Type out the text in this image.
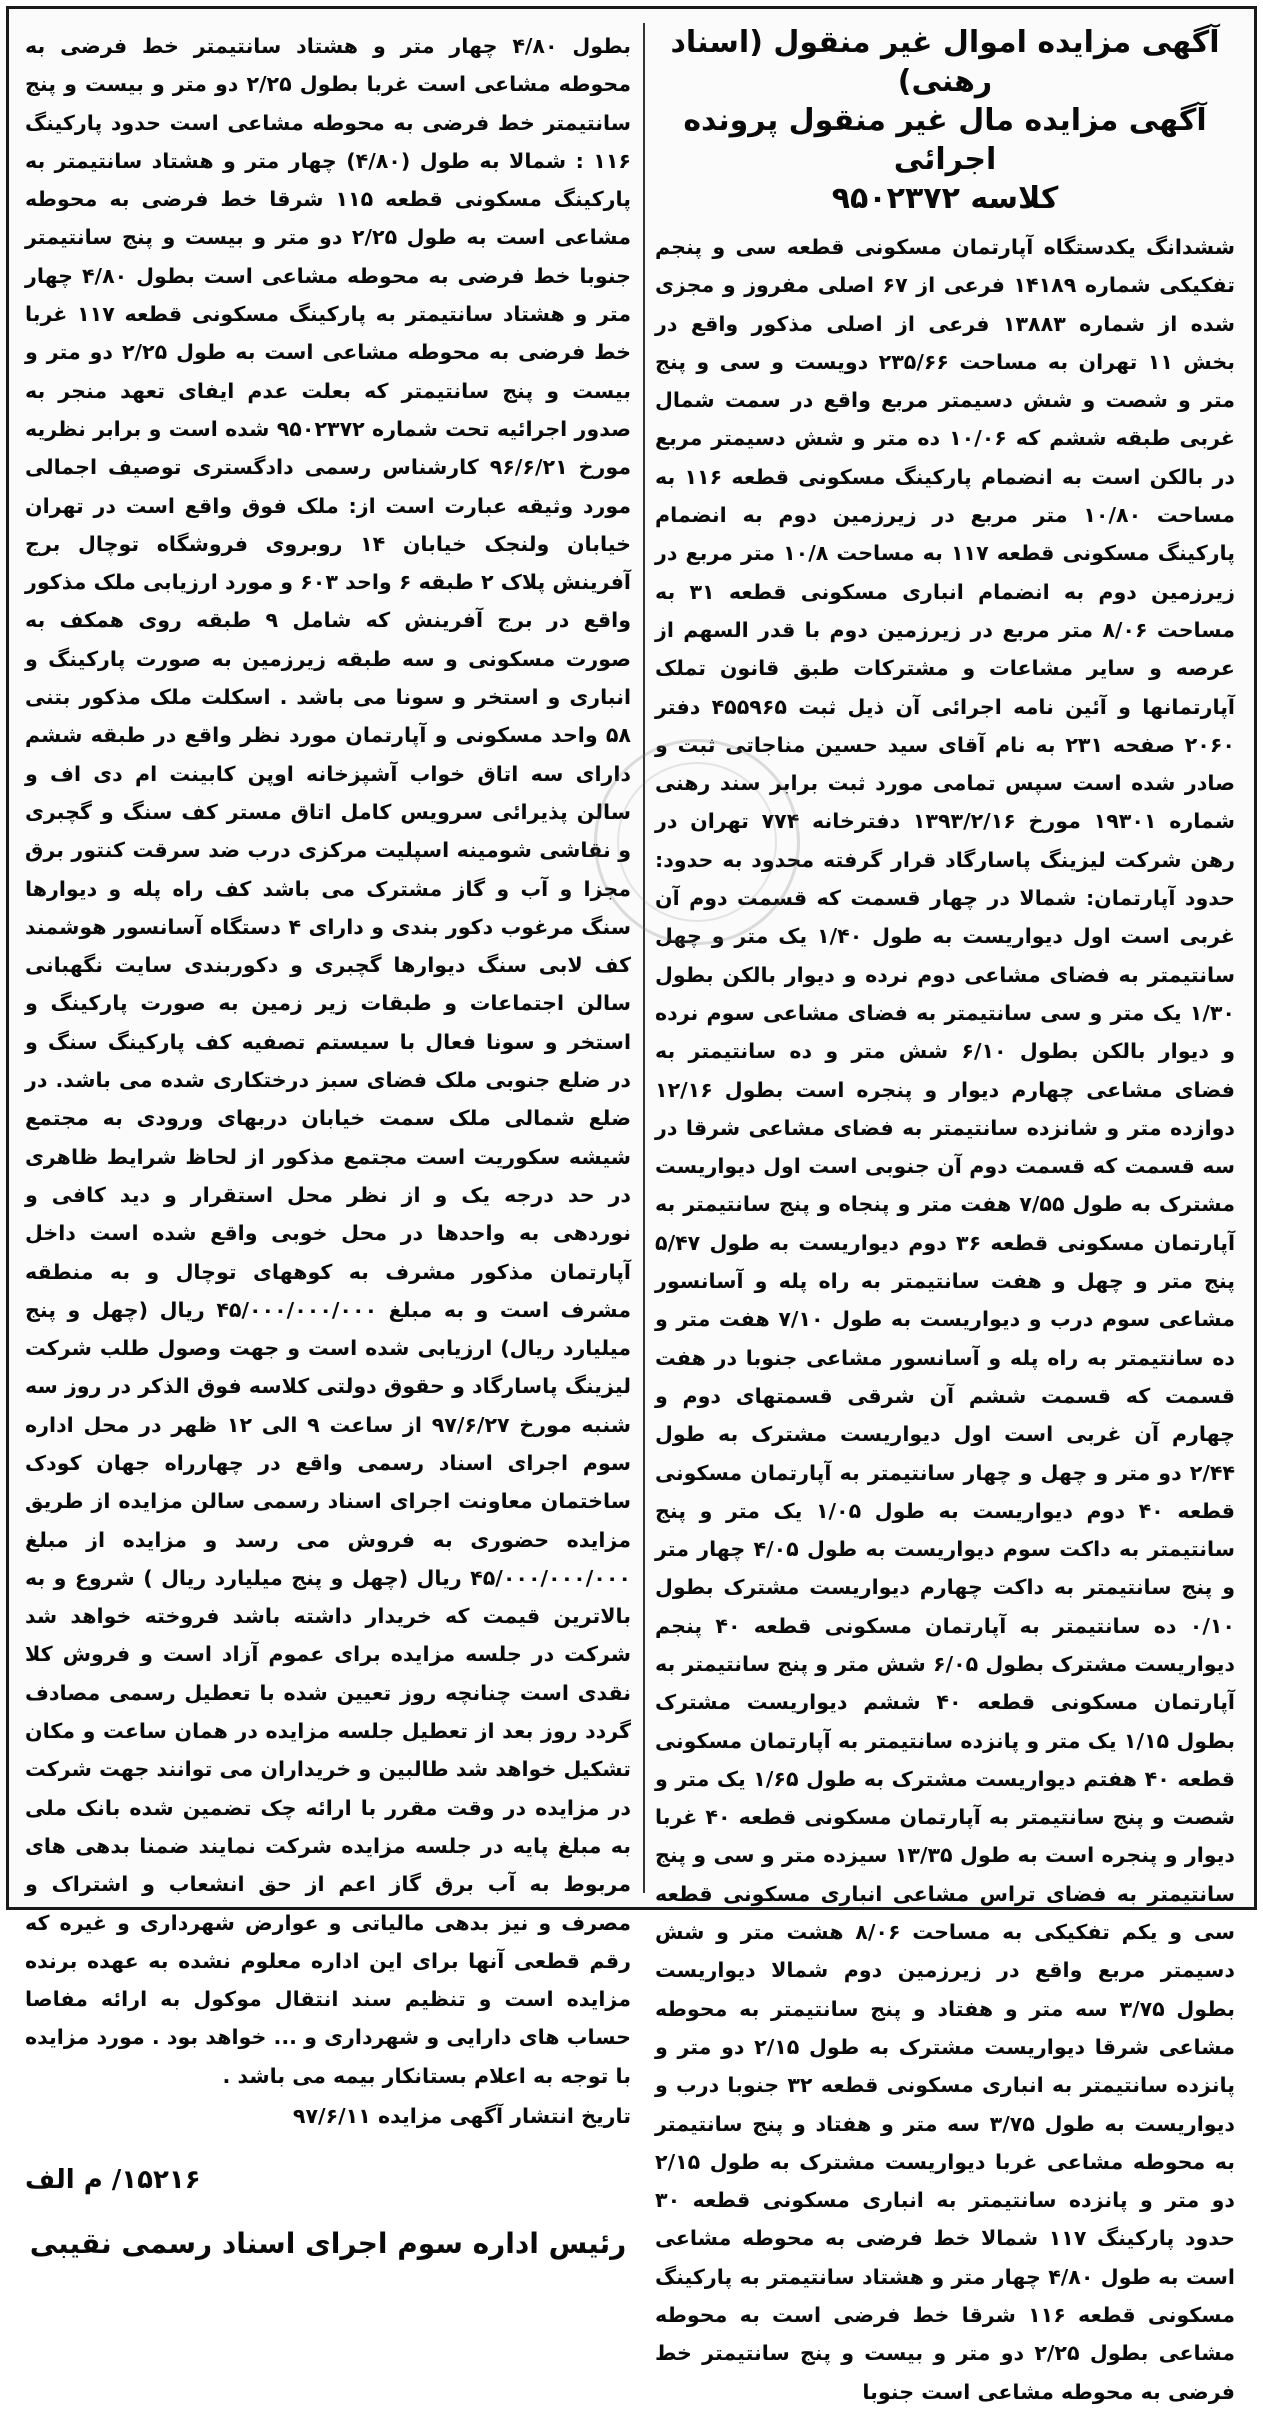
بطول ۴/۸۰ چهار متر و هشتاد سانتیمتر خط فرضی به محوطه مشاعی است غربا بطول ۲/۲۵ دو متر و بیست و پنج سانتیمتر خط فرضی به محوطه مشاعی است حدود پارکینگ ۱۱۶ : شمالا به طول (۴/۸۰) چهار متر و هشتاد سانتیمتر به پارکینگ مسکونی قطعه ۱۱۵ شرقا خط فرضی به محوطه مشاعی است به طول ۲/۲۵ دو متر و بیست و پنج سانتیمتر جنوبا خط فرضی به محوطه مشاعی است بطول ۴/۸۰ چهار متر و هشتاد سانتیمتر به پارکینگ مسکونی قطعه ۱۱۷ غربا خط فرضی به محوطه مشاعی است به طول ۲/۲۵ دو متر و بیست و پنج سانتیمتر که بعلت عدم ایفای تعهد منجر به صدور اجرائیه تحت شماره ۹۵۰۲۳۷۲ شده است و برابر نظریه مورخ ۹۶/۶/۲۱ کارشناس رسمی دادگستری توصیف اجمالی مورد وثیقه عبارت است از: ملک فوق واقع است در تهران خیابان ولنجک خیابان ۱۴ روبروی فروشگاه توچال برج آفرینش پلاک ۲ طبقه ۶ واحد ۶۰۳ و مورد ارزیابی ملک مذکور واقع در برج آفرینش که شامل ۹ طبقه روی همکف به صورت مسکونی و سه طبقه زیرزمین به صورت پارکینگ و انباری و استخر و سونا می باشد . اسکلت ملک مذکور بتنی ۵۸ واحد مسکونی و آپارتمان مورد نظر واقع در طبقه ششم دارای سه اتاق خواب آشپزخانه اوپن کابینت ام دی اف و سالن پذیرائی سرویس کامل اتاق مستر کف سنگ و گچبری و نقاشی شومینه اسپلیت مرکزی درب ضد سرقت کنتور برق مجزا و آب و گاز مشترک می باشد کف راه پله و دیوارها سنگ مرغوب دکور بندی و دارای ۴ دستگاه آسانسور هوشمند کف لابی سنگ دیوارها گچبری و دکوربندی سایت نگهبانی سالن اجتماعات و طبقات زیر زمین به صورت پارکینگ و استخر و سونا فعال با سیستم تصفیه کف پارکینگ سنگ و در ضلع جنوبی ملک فضای سبز درختکاری شده می باشد. در ضلع شمالی ملک سمت خیابان دربهای ورودی به مجتمع شیشه سکوریت است مجتمع مذکور از لحاظ شرایط ظاهری در حد درجه یک و از نظر محل استقرار و دید کافی و نوردهی به واحدها در محل خوبی واقع شده است داخل آپارتمان مذکور مشرف به کوههای توچال و به منطقه مشرف است و به مبلغ ۴۵/۰۰۰/۰۰۰/۰۰۰ ریال (چهل و پنج میلیارد ریال) ارزیابی شده است و جهت وصول طلب شرکت لیزینگ پاسارگاد و حقوق دولتی کلاسه فوق الذکر در روز سه شنبه مورخ ۹۷/۶/۲۷ از ساعت ۹ الی ۱۲ ظهر در محل اداره سوم اجرای اسناد رسمی واقع در چهارراه جهان کودک ساختمان معاونت اجرای اسناد رسمی سالن مزایده از طریق مزایده حضوری به فروش می رسد و مزایده از مبلغ ۴۵/۰۰۰/۰۰۰/۰۰۰ ریال (چهل و پنج میلیارد ریال ) شروع و به بالاترین قیمت که خریدار داشته باشد فروخته خواهد شد شرکت در جلسه مزایده برای عموم آزاد است و فروش کلا نقدی است چنانچه روز تعیین شده با تعطیل رسمی مصادف گردد روز بعد از تعطیل جلسه مزایده در همان ساعت و مکان تشکیل خواهد شد طالبین و خریداران می توانند جهت شرکت در مزایده در وقت مقرر با ارائه چک تضمین شده بانک ملی به مبلغ پایه در جلسه مزایده شرکت نمایند ضمنا بدهی های مربوط به آب برق گاز اعم از حق انشعاب و اشتراک و مصرف و نیز بدهی مالیاتی و عوارض شهرداری و غیره که رقم قطعی آنها برای این اداره معلوم نشده به عهده برنده مزایده است و تنظیم سند انتقال موکول به ارائه مفاصا حساب های دارایی و شهرداری و ... خواهد بود . مورد مزایده با توجه به اعلام بستانکار بیمه می باشد .

تاریخ انتشار آگهی مزایده ۹۷/۶/۱۱

۱۵۲۱۶/ م الف

رئیس اداره سوم اجرای اسناد رسمی نقیبی
آگهی مزایده اموال غیر منقول (اسناد رهنی)
آگهی مزایده مال غیر منقول پرونده اجرائی
کلاسه ۹۵۰۲۳۷۲

ششدانگ یکدستگاه آپارتمان مسکونی قطعه سی و پنجم تفکیکی شماره ۱۴۱۸۹ فرعی از ۶۷ اصلی مفروز و مجزی شده از شماره ۱۳۸۸۳ فرعی از اصلی مذکور واقع در بخش ۱۱ تهران به مساحت ۲۳۵/۶۶ دویست و سی و پنج متر و شصت و شش دسیمتر مربع واقع در سمت شمال غربی طبقه ششم که ۱۰/۰۶ ده متر و شش دسیمتر مربع در بالکن است به انضمام پارکینگ مسکونی قطعه ۱۱۶ به مساحت ۱۰/۸۰ متر مربع در زیرزمین دوم به انضمام پارکینگ مسکونی قطعه ۱۱۷ به مساحت ۱۰/۸ متر مربع در زیرزمین دوم به انضمام انباری مسکونی قطعه ۳۱ به مساحت ۸/۰۶ متر مربع در زیرزمین دوم با قدر السهم از عرصه و سایر مشاعات و مشترکات طبق قانون تملک آپارتمانها و آئین نامه اجرائی آن ذیل ثبت ۴۵۵۹۶۵ دفتر ۲۰۶۰ صفحه ۲۳۱ به نام آقای سید حسین مناجاتی ثبت و صادر شده است سپس تمامی مورد ثبت برابر سند رهنی شماره ۱۹۳۰۱ مورخ ۱۳۹۳/۲/۱۶ دفترخانه ۷۷۴ تهران در رهن شرکت لیزینگ پاسارگاد قرار گرفته محدود به حدود: حدود آپارتمان: شمالا در چهار قسمت که قسمت دوم آن غربی است اول دیواریست به طول ۱/۴۰ یک متر و چهل سانتیمتر به فضای مشاعی دوم نرده و دیوار بالکن بطول ۱/۳۰ یک متر و سی سانتیمتر به فضای مشاعی سوم نرده و دیوار بالکن بطول ۶/۱۰ شش متر و ده سانتیمتر به فضای مشاعی چهارم دیوار و پنجره است بطول ۱۲/۱۶ دوازده متر و شانزده سانتیمتر به فضای مشاعی شرقا در سه قسمت که قسمت دوم آن جنوبی است اول دیواریست مشترک به طول ۷/۵۵ هفت متر و پنجاه و پنج سانتیمتر به آپارتمان مسکونی قطعه ۳۶ دوم دیواریست به طول ۵/۴۷ پنج متر و چهل و هفت سانتیمتر به راه پله و آسانسور مشاعی سوم درب و دیواریست به طول ۷/۱۰ هفت متر و ده سانتیمتر به راه پله و آسانسور مشاعی جنوبا در هفت قسمت که قسمت ششم آن شرقی قسمتهای دوم و چهارم آن غربی است اول دیواریست مشترک به طول ۲/۴۴ دو متر و چهل و چهار سانتیمتر به آپارتمان مسکونی قطعه ۴۰ دوم دیواریست به طول ۱/۰۵ یک متر و پنج سانتیمتر به داکت سوم دیواریست به طول ۴/۰۵ چهار متر و پنج سانتیمتر به داکت چهارم دیواریست مشترک بطول ۰/۱۰ ده سانتیمتر به آپارتمان مسکونی قطعه ۴۰ پنجم دیواریست مشترک بطول ۶/۰۵ شش متر و پنج سانتیمتر به آپارتمان مسکونی قطعه ۴۰ ششم دیواریست مشترک بطول ۱/۱۵ یک متر و پانزده سانتیمتر به آپارتمان مسکونی قطعه ۴۰ هفتم دیواریست مشترک به طول ۱/۶۵ یک متر و شصت و پنج سانتیمتر به آپارتمان مسکونی قطعه ۴۰ غربا دیوار و پنجره است به طول ۱۳/۳۵ سیزده متر و سی و پنج سانتیمتر به فضای تراس مشاعی انباری مسکونی قطعه سی و یکم تفکیکی به مساحت ۸/۰۶ هشت متر و شش دسیمتر مربع واقع در زیرزمین دوم شمالا دیواریست بطول ۳/۷۵ سه متر و هفتاد و پنج سانتیمتر به محوطه مشاعی شرقا دیواریست مشترک به طول ۲/۱۵ دو متر و پانزده سانتیمتر به انباری مسکونی قطعه ۳۲ جنوبا درب و دیواریست به طول ۳/۷۵ سه متر و هفتاد و پنج سانتیمتر به محوطه مشاعی غربا دیواریست مشترک به طول ۲/۱۵ دو متر و پانزده سانتیمتر به انباری مسکونی قطعه ۳۰ حدود پارکینگ ۱۱۷ شمالا خط فرضی به محوطه مشاعی است به طول ۴/۸۰ چهار متر و هشتاد سانتیمتر به پارکینگ مسکونی قطعه ۱۱۶ شرقا خط فرضی است به محوطه مشاعی بطول ۲/۲۵ دو متر و بیست و پنج سانتیمتر خط فرضی به محوطه مشاعی است جنوبا
